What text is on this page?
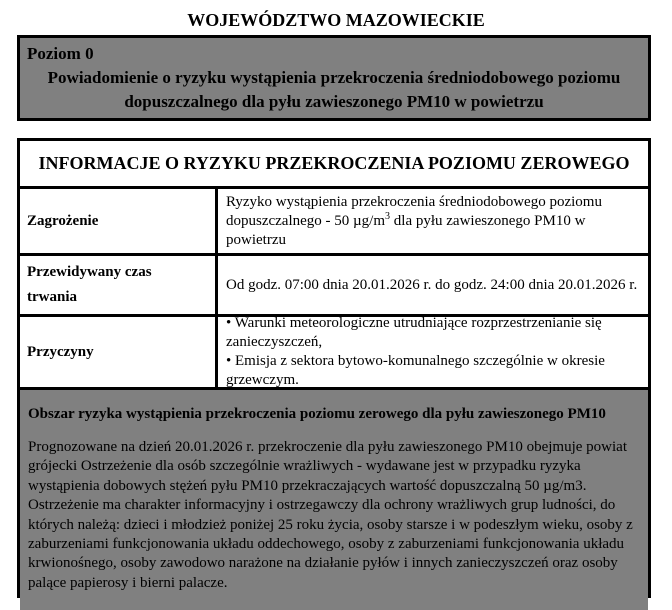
WOJEWÓDZTWO MAZOWIECKIE
Poziom 0
Powiadomienie o ryzyku wystąpienia przekroczenia średniodobowego poziomu dopuszczalnego dla pyłu zawieszonego PM10 w powietrzu
INFORMACJE O RYZYKU PRZEKROCZENIA POZIOMU ZEROWEGO
Zagrożenie
Ryzyko wystąpienia przekroczenia średniodobowego poziomu dopuszczalnego - 50 $\mu g/m^3$ dla pyłu zawieszonego PM10 w powietrzu
Przewidywany czas trwania
Od godz. 07:00 dnia 20.01.2026 r. do godz. 24:00 dnia 20.01.2026 r.
Przyczyny
• Warunki meteorologiczne utrudniające rozprzestrzenianie się zanieczyszczeń,
• Emisja z sektora bytowo-komunalnego szczególnie w okresie grzewczym.
Obszar ryzyka wystąpienia przekroczenia poziomu zerowego dla pyłu zawieszonego PM10
Prognozowane na dzień 20.01.2026 r. przekroczenie dla pyłu zawieszonego PM10 obejmuje powiat grójecki Ostrzeżenie dla osób szczególnie wrażliwych - wydawane jest w przypadku ryzyka wystąpienia dobowych stężeń pyłu PM10 przekraczających wartość dopuszczalną 50 µg/m3. Ostrzeżenie ma charakter informacyjny i ostrzegawczy dla ochrony wrażliwych grup ludności, do których należą: dzieci i młodzież poniżej 25 roku życia, osoby starsze i w podeszłym wieku, osoby z zaburzeniami funkcjonowania układu oddechowego, osoby z zaburzeniami funkcjonowania układu krwionośnego, osoby zawodowo narażone na działanie pyłów i innych zanieczyszczeń oraz osoby palące papierosy i bierni palacze.
